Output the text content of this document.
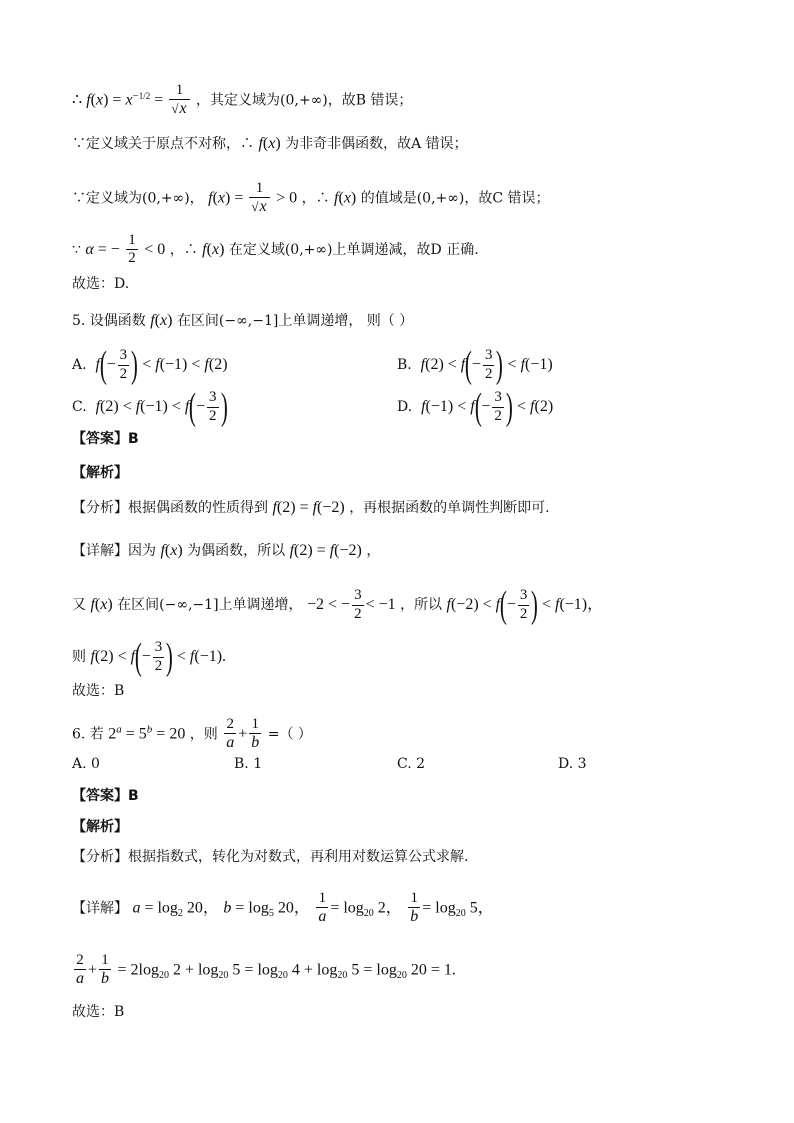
∴ $f(x) = x^{-1/2} = \frac{1}{√x}$ ，其定义域为(0,+∞)，故B 错误；
∵定义域关于原点不对称，∴ f(x) 为非奇非偶函数，故A 错误；
∵定义域为(0,+∞)， $f(x) = \frac{1}{√x} > 0$ ，∴ f(x) 的值域是(0,+∞)，故C 错误；
∵ α = − $\frac{1}{2} < 0$ ，∴ f(x) 在定义域(0,+∞)上单调递减，故D 正确.
故选：D.
5. 设偶函数 f(x) 在区间(−∞,−1]上单调递增， 则（ ）
A. $f(- \frac{3}{2}$ ) < f(−1) < f(2)	B. $f(2) < f(- \frac{3}{2}$ ) < f(−1)
C. $f(2) < f(-1) < f(- \frac{3}{2}$ )	D. $f(-1) < f(- \frac{3}{2}$ ) < f(2)
【答案】B
【解析】
【分析】根据偶函数的性质得到 f(2) = f(−2) ，再根据函数的单调性判断即可.
【详解】因为 f(x) 为偶函数，所以 f(2) = f(−2) ，
又 f(x) 在区间(−∞,−1]上单调递增， −2 < − $\frac{3}{2} < -1$ ，所以 $f(-2) < f(- \frac{3}{2}$ ) < f(−1)，
则 $f(2) < f(- \frac{3}{2}$ ) < f(−1).
故选：B
6. 若 $2^a = 5^b = 20$ ，则 $\frac{2}{a} + \frac{1}{b}$ =（ ）
A. 0	B. 1	C. 2	D. 3
【答案】B
【解析】
【分析】根据指数式，转化为对数式，再利用对数运算公式求解.
【详解】 $a = \log_2 20$， $b = \log_5 20$， $\frac{1}{a} = \log_{20} 2$， $\frac{1}{b} = \log_{20} 5$，
$\frac{2}{a} + \frac{1}{b} = 2\log_{20}$ $2 + \log_{20} 5 = \log_{20} 4 + \log_{20} 5 = \log_{20} 20 = 1$.
故选：B
